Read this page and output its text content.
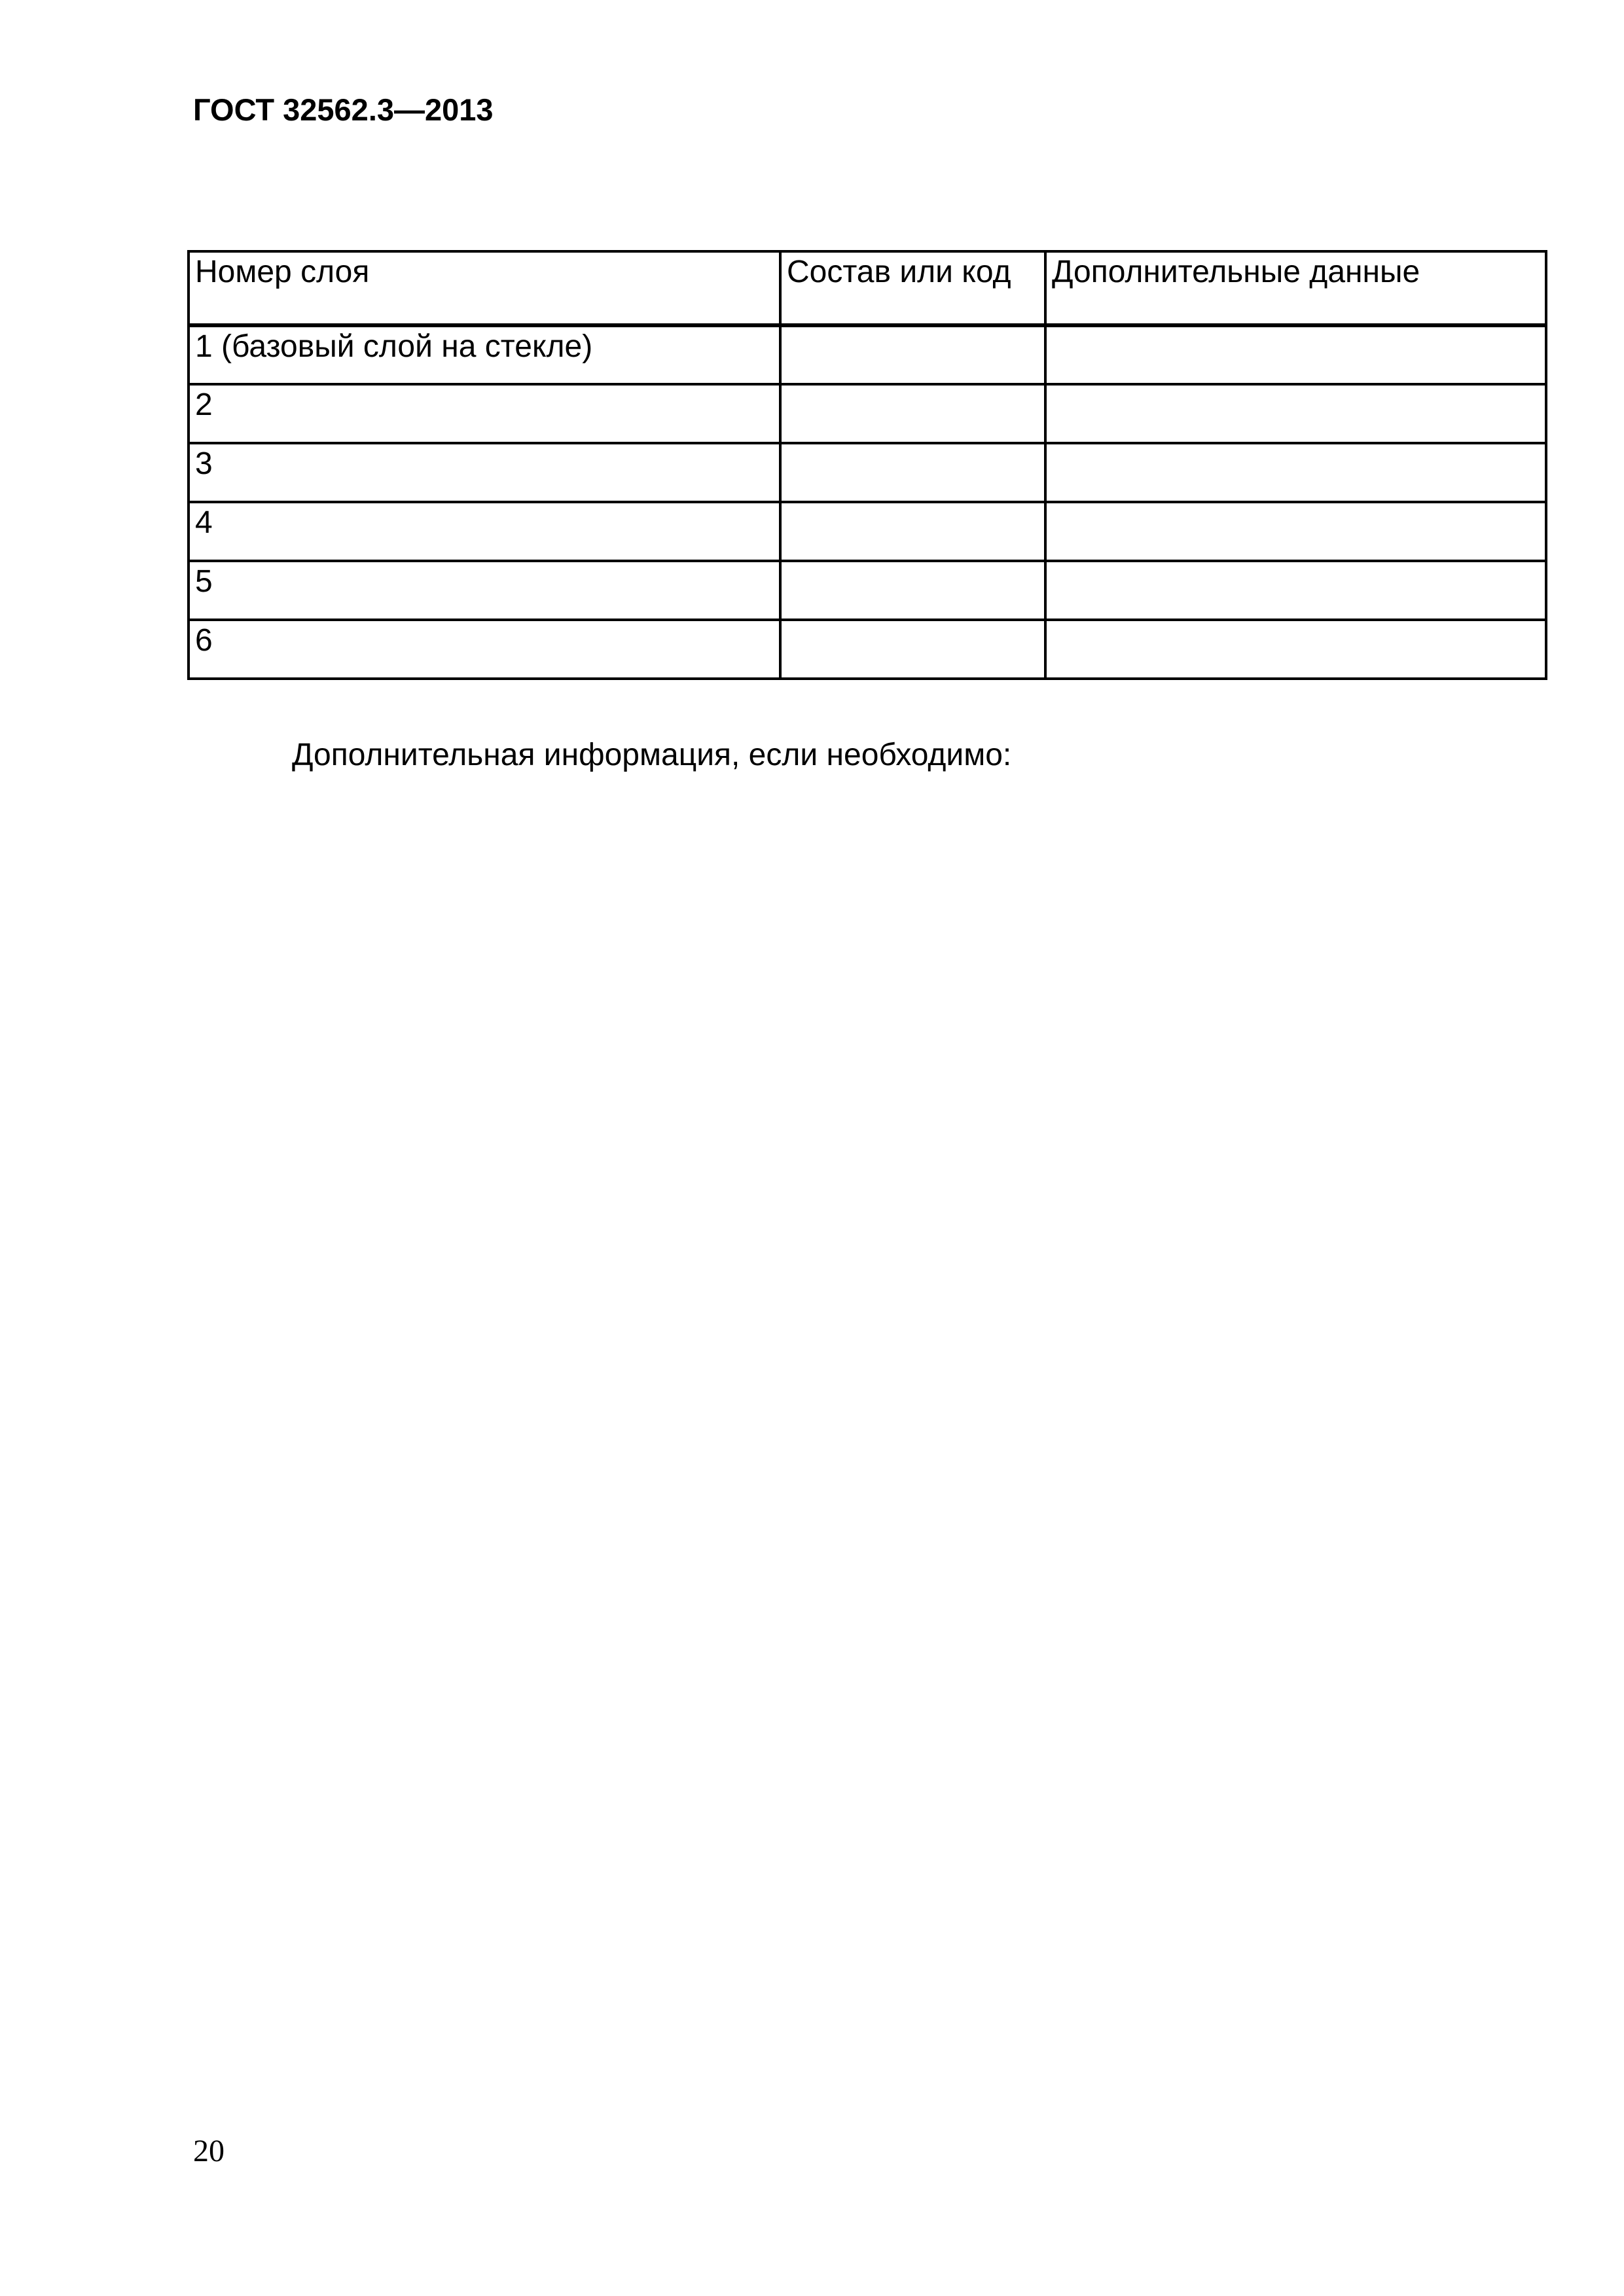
ГОСТ 32562.3—2013
Номер слоя	Состав или код	Дополнительные данные
1 (базовый слой на стекле)		
2		
3		
4		
5		
6		
Дополнительная информация, если необходимо:
20
